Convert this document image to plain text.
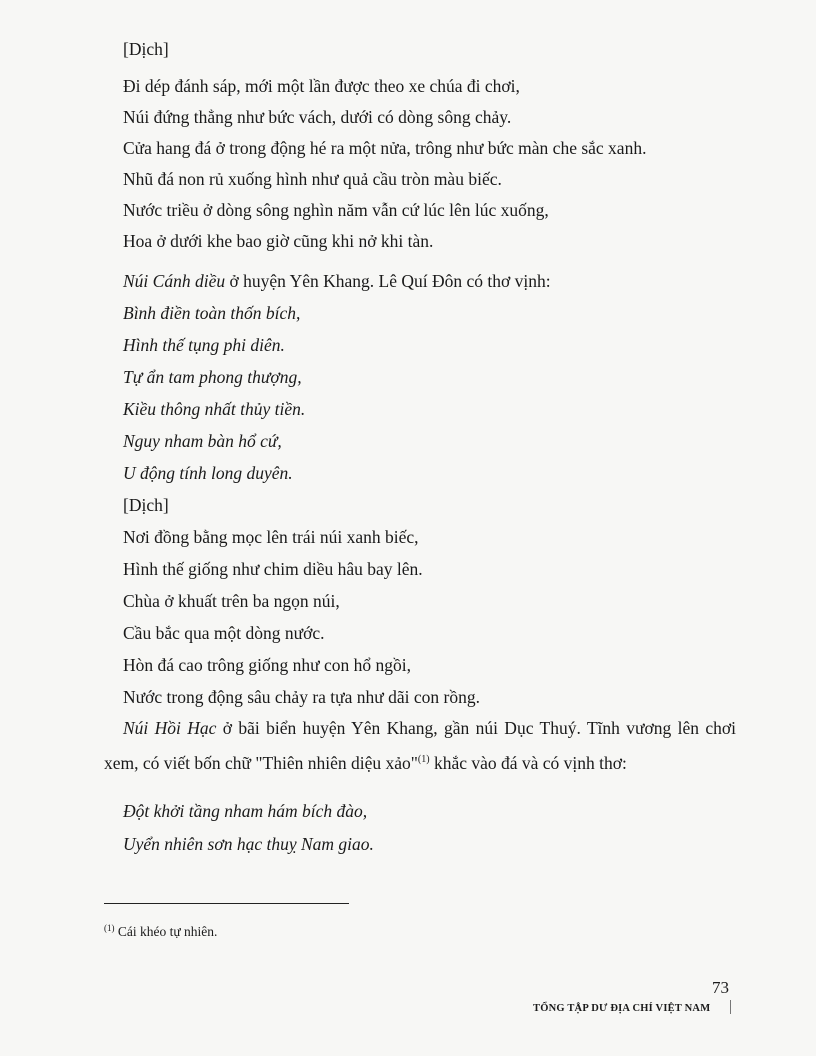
[Dịch]
Đi dép đánh sáp, mới một lần được theo xe chúa đi chơi,
Núi đứng thẳng như bức vách, dưới có dòng sông chảy.
Cửa hang đá ở trong động hé ra một nửa, trông như bức màn che sắc xanh.
Nhũ đá non rủ xuống hình như quả cầu tròn màu biếc.
Nước triều ở dòng sông nghìn năm vẫn cứ lúc lên lúc xuống,
Hoa ở dưới khe bao giờ cũng khi nở khi tàn.
Núi Cánh diều ở huyện Yên Khang. Lê Quí Đôn có thơ vịnh:
Bình điền toàn thốn bích,
Hình thế tụng phi diên.
Tự ẩn tam phong thượng,
Kiều thông nhất thủy tiền.
Nguy nham bàn hổ cứ,
U động tính long duyên.
[Dịch]
Nơi đồng bằng mọc lên trái núi xanh biếc,
Hình thế giống như chim diều hâu bay lên.
Chùa ở khuất trên ba ngọn núi,
Cầu bắc qua một dòng nước.
Hòn đá cao trông giống như con hổ ngồi,
Nước trong động sâu chảy ra tựa như dãi con rồng.
Núi Hồi Hạc ở bãi biển huyện Yên Khang, gần núi Dục Thuý. Tĩnh vương lên chơi xem, có viết bốn chữ "Thiên nhiên diệu xảo"$^{(1)}$ khắc vào đá và có vịnh thơ:
Đột khởi tầng nham hám bích đào,
Uyển nhiên sơn hạc thuỵ Nam giao.
$^{(1)}$ Cái khéo tự nhiên.
73
TỔNG TẬP DƯ ĐỊA CHÍ VIỆT NAM
